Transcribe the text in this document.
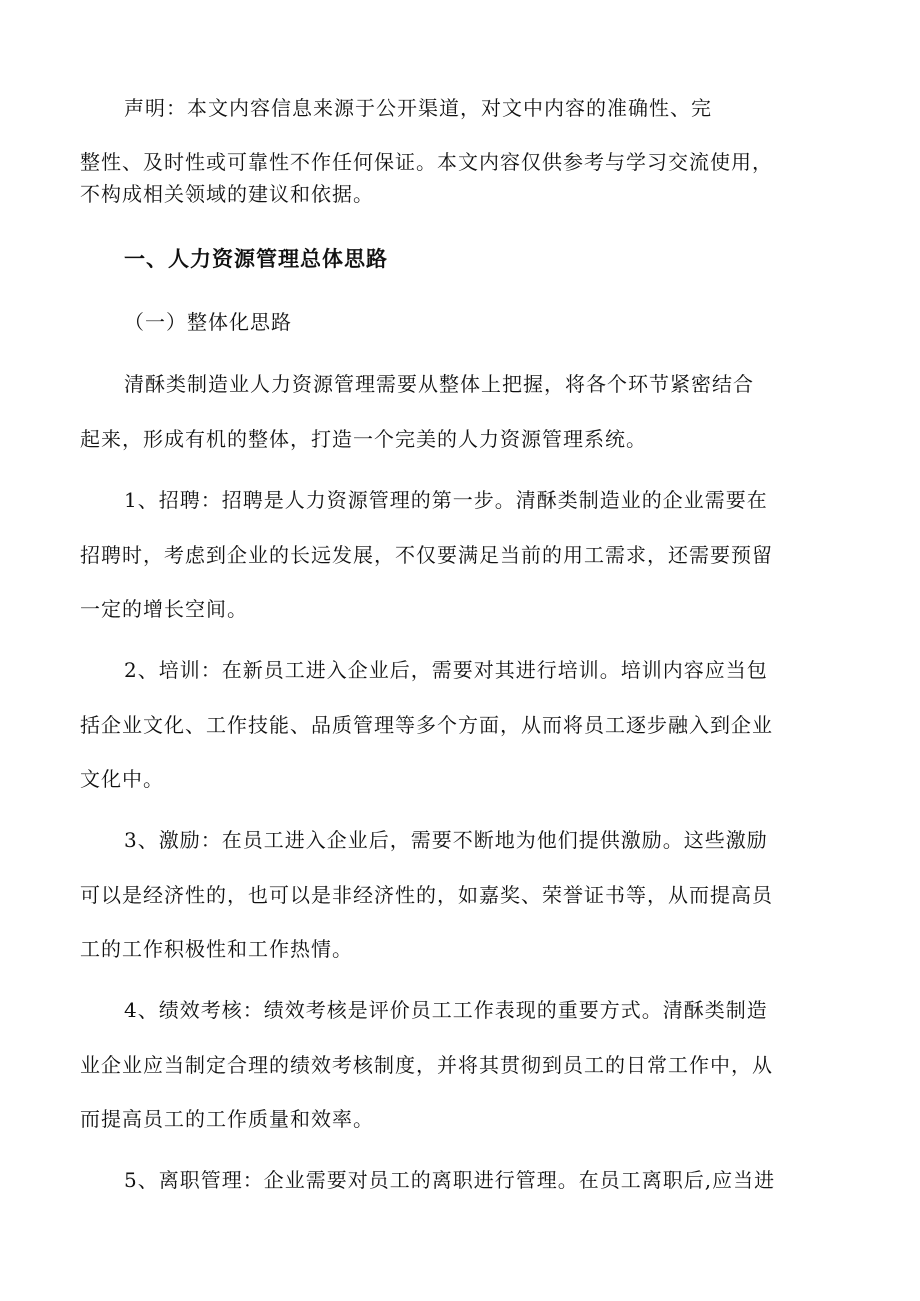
声明：本文内容信息来源于公开渠道，对文中内容的准确性、完
整性、及时性或可靠性不作任何保证。本文内容仅供参考与学习交流使用，
不构成相关领域的建议和依据。
一、人力资源管理总体思路
（一）整体化思路
清酥类制造业人力资源管理需要从整体上把握，将各个环节紧密结合
起来，形成有机的整体，打造一个完美的人力资源管理系统。
1、招聘：招聘是人力资源管理的第一步。清酥类制造业的企业需要在
招聘时，考虑到企业的长远发展，不仅要满足当前的用工需求，还需要预留
一定的增长空间。
2、培训：在新员工进入企业后，需要对其进行培训。培训内容应当包
括企业文化、工作技能、品质管理等多个方面，从而将员工逐步融入到企业
文化中。
3、激励：在员工进入企业后，需要不断地为他们提供激励。这些激励
可以是经济性的，也可以是非经济性的，如嘉奖、荣誉证书等，从而提高员
工的工作积极性和工作热情。
4、绩效考核：绩效考核是评价员工工作表现的重要方式。清酥类制造
业企业应当制定合理的绩效考核制度，并将其贯彻到员工的日常工作中，从
而提高员工的工作质量和效率。
5、离职管理：企业需要对员工的离职进行管理。在员工离职后,应当进
